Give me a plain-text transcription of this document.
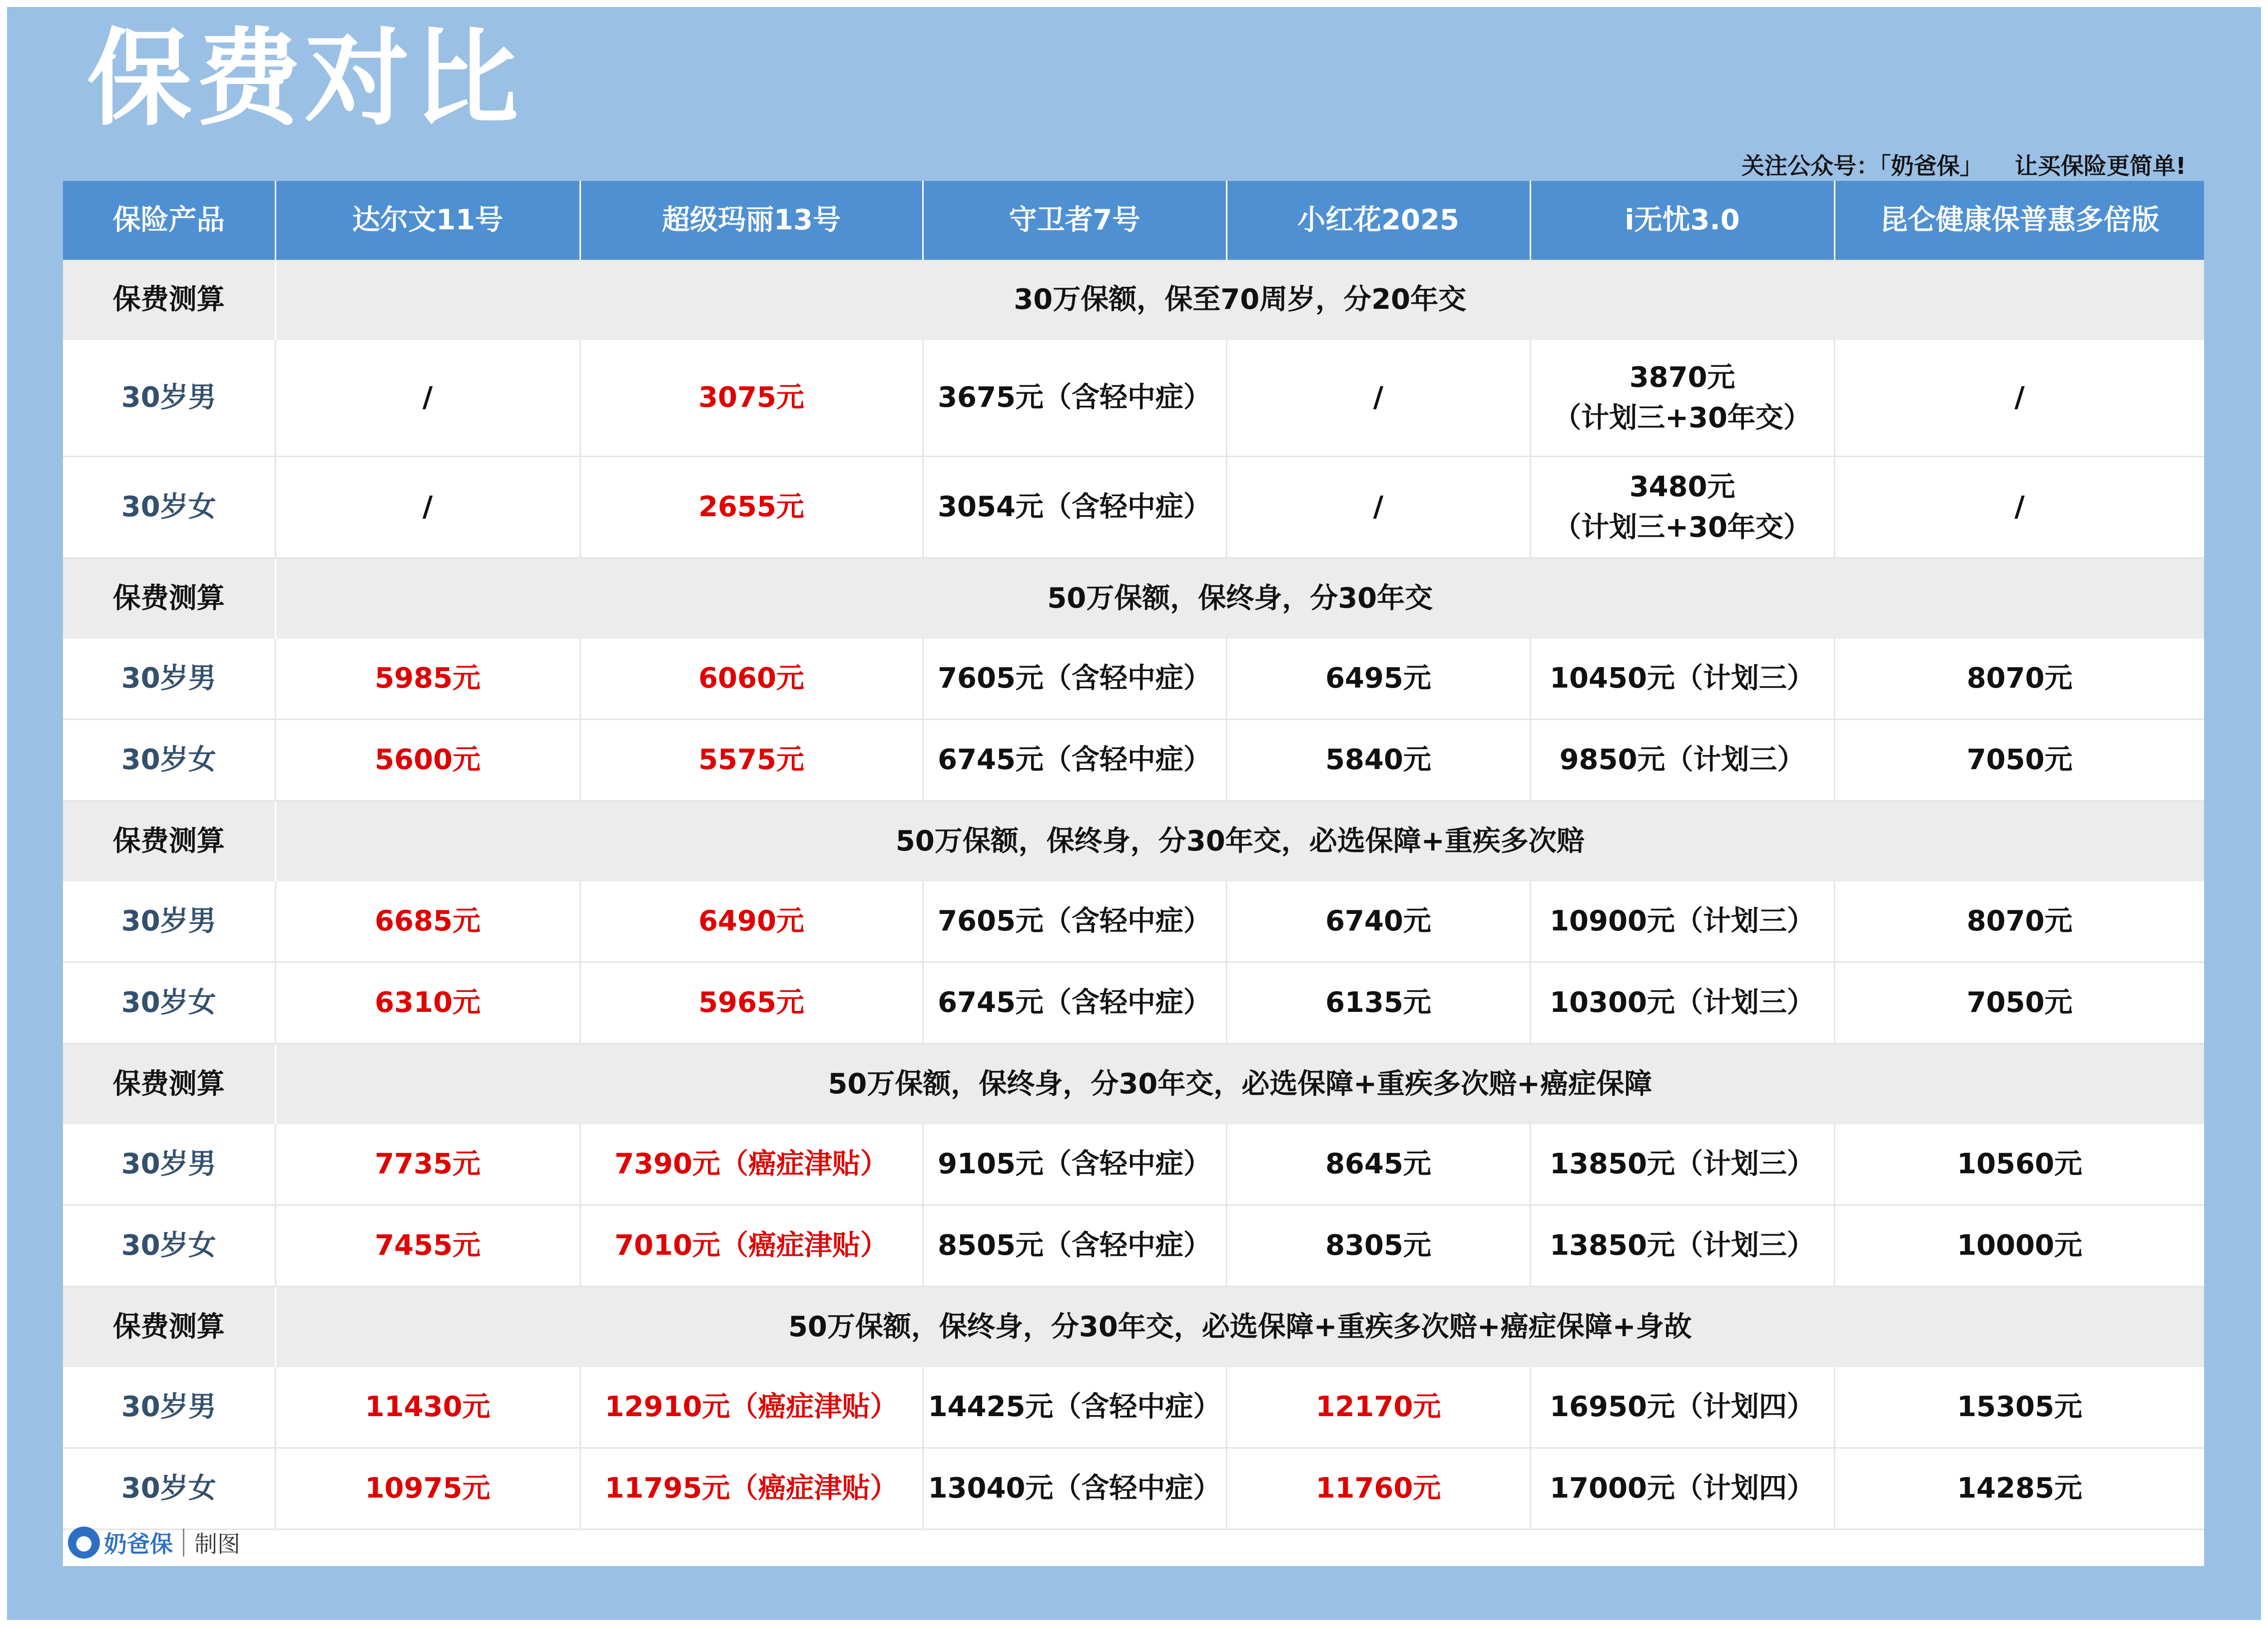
保费对比
关注公众号：「奶爸保」    让买保险更简单!
保险产品	达尔文11号	超级玛丽13号	守卫者7号	小红花2025	i无忧3.0	昆仑健康保普惠多倍版
保费测算	30万保额，保至70周岁，分20年交					
30岁男	/	3075元	3675元（含轻中症）	/	3870元
（计划三+30年交）	/
30岁女	/	2655元	3054元（含轻中症）	/	3480元
（计划三+30年交）	/
保费测算	50万保额，保终身，分30年交					
30岁男	5985元	6060元	7605元（含轻中症）	6495元	10450元（计划三）	8070元
30岁女	5600元	5575元	6745元（含轻中症）	5840元	9850元（计划三）	7050元
保费测算	50万保额，保终身，分30年交，必选保障+重疾多次赔					
30岁男	6685元	6490元	7605元（含轻中症）	6740元	10900元（计划三）	8070元
30岁女	6310元	5965元	6745元（含轻中症）	6135元	10300元（计划三）	7050元
保费测算	50万保额，保终身，分30年交，必选保障+重疾多次赔+癌症保障					
30岁男	7735元	7390元（癌症津贴）	9105元（含轻中症）	8645元	13850元（计划三）	10560元
30岁女	7455元	7010元（癌症津贴）	8505元（含轻中症）	8305元	13850元（计划三）	10000元
保费测算	50万保额，保终身，分30年交，必选保障+重疾多次赔+癌症保障+身故					
30岁男	11430元	12910元（癌症津贴）	14425元（含轻中症）	12170元	16950元（计划四）	15305元
30岁女	10975元	11795元（癌症津贴）	13040元（含轻中症）	11760元	17000元（计划四）	14285元
● 奶爸保 制图
